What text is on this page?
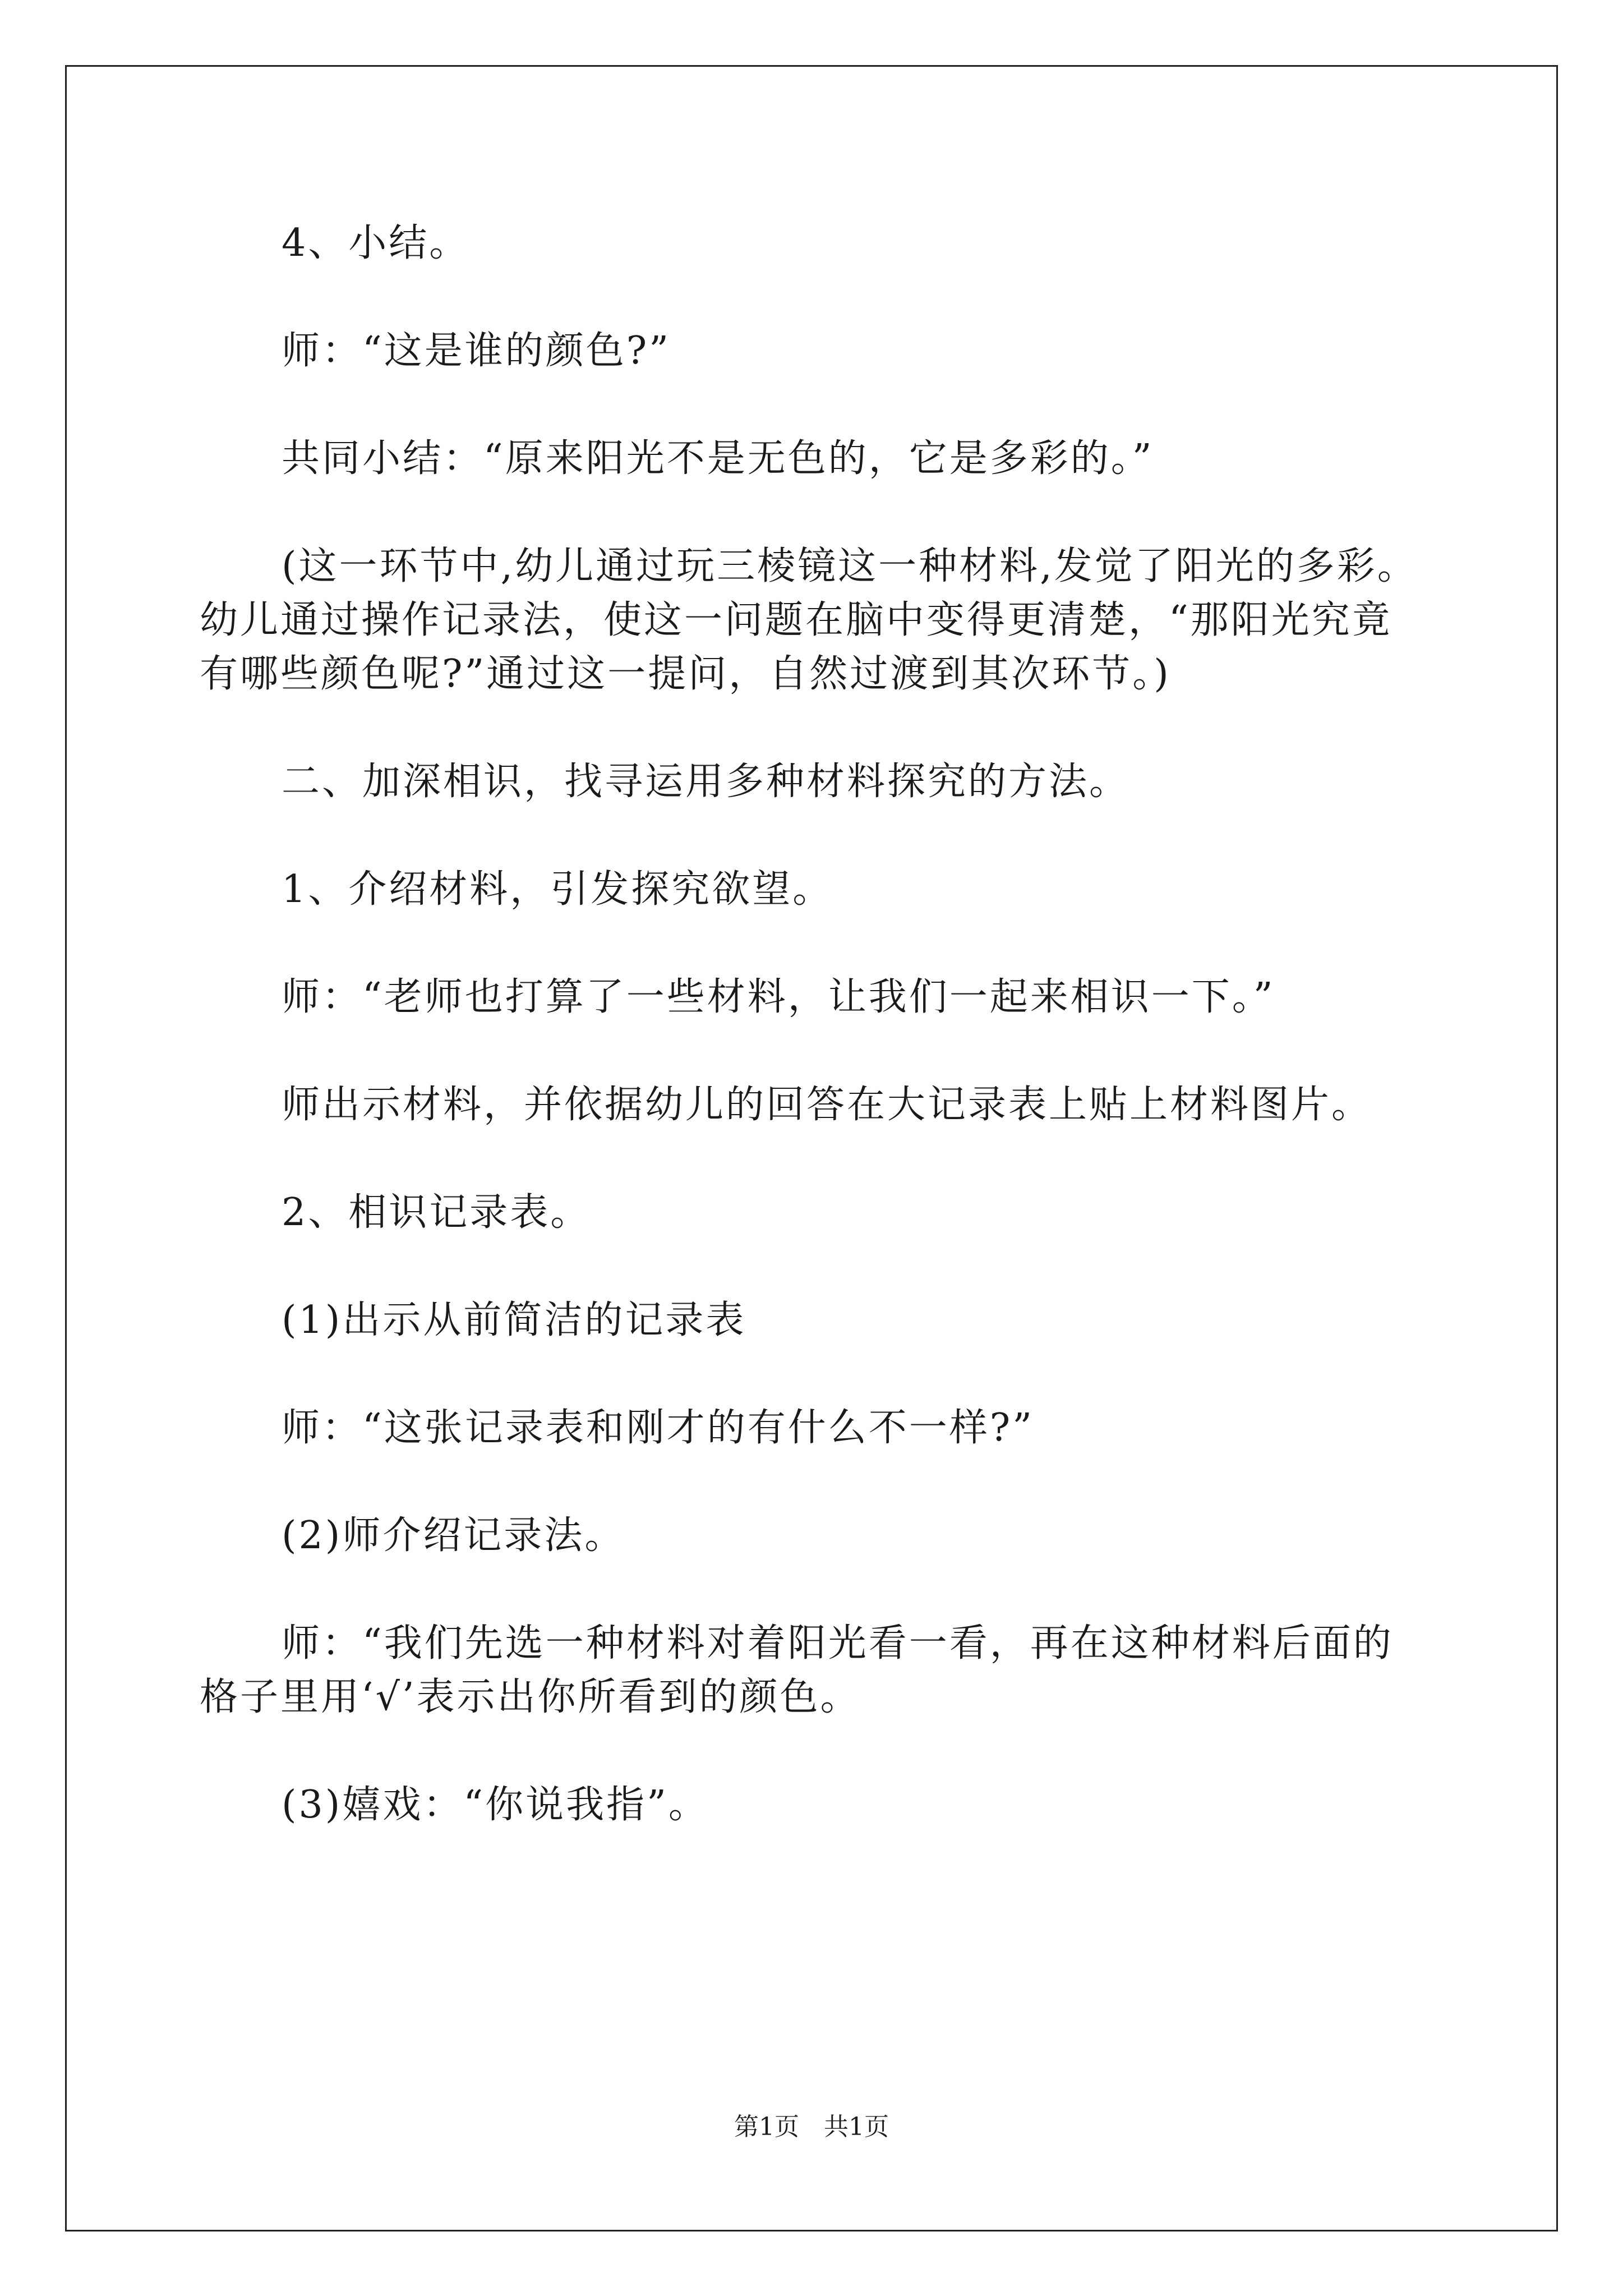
4、小结。

师：“这是谁的颜色?”

共同小结：“原来阳光不是无色的，它是多彩的。”

(这一环节中,幼儿通过玩三棱镜这一种材料,发觉了阳光的多彩。幼儿通过操作记录法，使这一问题在脑中变得更清楚，“那阳光究竟有哪些颜色呢?”通过这一提问，自然过渡到其次环节。)

二、加深相识，找寻运用多种材料探究的方法。

1、介绍材料，引发探究欲望。

师：“老师也打算了一些材料，让我们一起来相识一下。”

师出示材料，并依据幼儿的回答在大记录表上贴上材料图片。

2、相识记录表。

(1)出示从前简洁的记录表

师：“这张记录表和刚才的有什么不一样?”

(2)师介绍记录法。

师：“我们先选一种材料对着阳光看一看，再在这种材料后面的格子里用‘√’表示出你所看到的颜色。

(3)嬉戏：“你说我指”。

第1页　共1页
